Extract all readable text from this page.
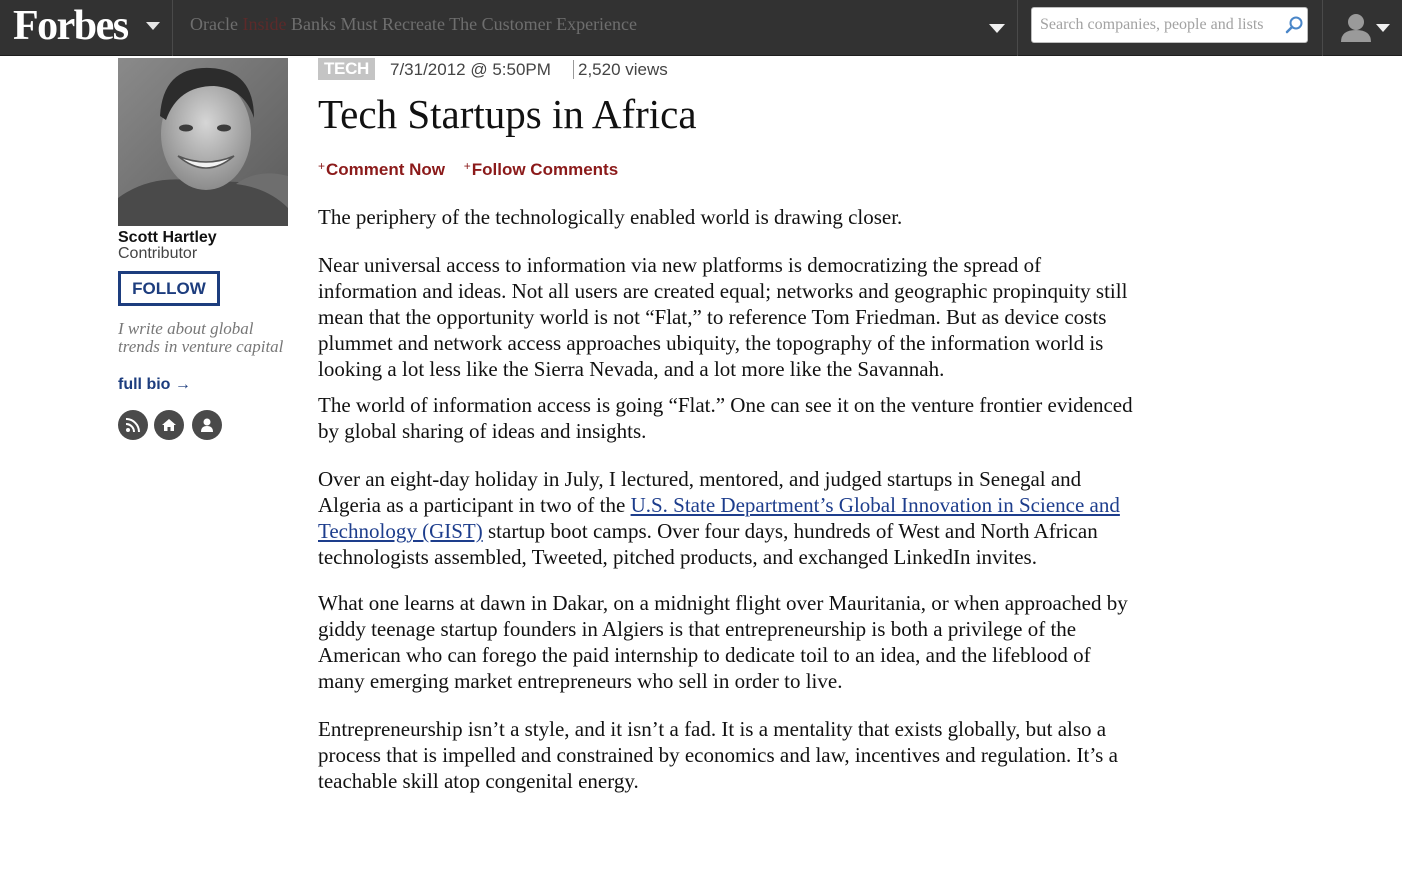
Forbes	Oracle Inside Banks Must Recreate The Customer Experience
Search companies, people and lists
Scott Hartley
Contributor
FOLLOW
I write about global trends in venture capital
full bio →
TECH	7/31/2012 @ 5:50PM 2,520 views
Tech Startups in Africa
+Comment Now +Follow Comments

The periphery of the technologically enabled world is drawing closer.

Near universal access to information via new platforms is democratizing the spread of information and ideas. Not all users are created equal; networks and geographic propinquity still mean that the opportunity world is not “Flat,” to reference Tom Friedman. But as device costs plummet and network access approaches ubiquity, the topography of the information world is looking a lot less like the Sierra Nevada, and a lot more like the Savannah.

The world of information access is going “Flat.” One can see it on the venture frontier evidenced by global sharing of ideas and insights.

Over an eight-day holiday in July, I lectured, mentored, and judged startups in Senegal and Algeria as a participant in two of the U.S. State Department’s Global Innovation in Science and Technology (GIST) startup boot camps. Over four days, hundreds of West and North African technologists assembled, Tweeted, pitched products, and exchanged LinkedIn invites.

What one learns at dawn in Dakar, on a midnight flight over Mauritania, or when approached by giddy teenage startup founders in Algiers is that entrepreneurship is both a privilege of the American who can forego the paid internship to dedicate toil to an idea, and the lifeblood of many emerging market entrepreneurs who sell in order to live.

Entrepreneurship isn’t a style, and it isn’t a fad. It is a mentality that exists globally, but also a process that is impelled and constrained by economics and law, incentives and regulation. It’s a teachable skill atop congenital energy.
